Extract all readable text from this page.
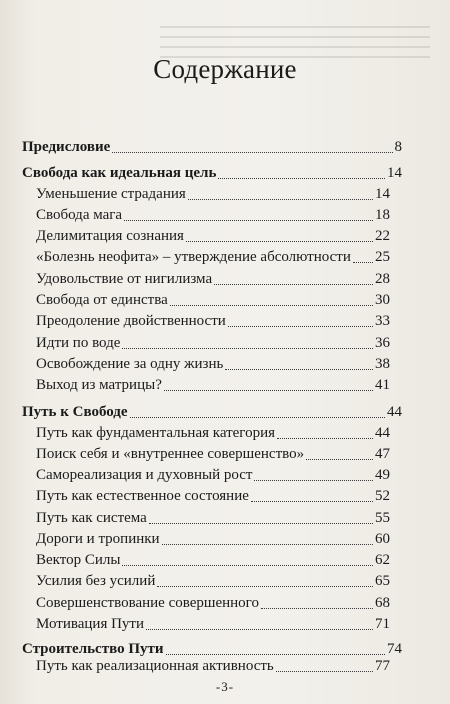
Содержание
Предисловие	8
Свобода как идеальная цель	14
Уменьшение страдания	14
Свобода мага	18
Делимитация сознания	22
«Болезнь неофита» – утверждение абсолютности 25
Удовольствие от нигилизма	28
Свобода от единства	30
Преодоление двойственности	33
Идти по воде	36
Освобождение за одну жизнь	38
Выход из матрицы?	41
Путь к Свободе	44
Путь как фундаментальная категория	44
Поиск себя и «внутреннее совершенство»	47
Самореализация и духовный рост	49
Путь как естественное состояние	52
Путь как система	55
Дороги и тропинки	60
Вектор Силы	62
Усилия без усилий	65
Совершенствование совершенного	68
Мотивация Пути	71
Строительство Пути	74
Путь как реализационная активность	77
-3-
